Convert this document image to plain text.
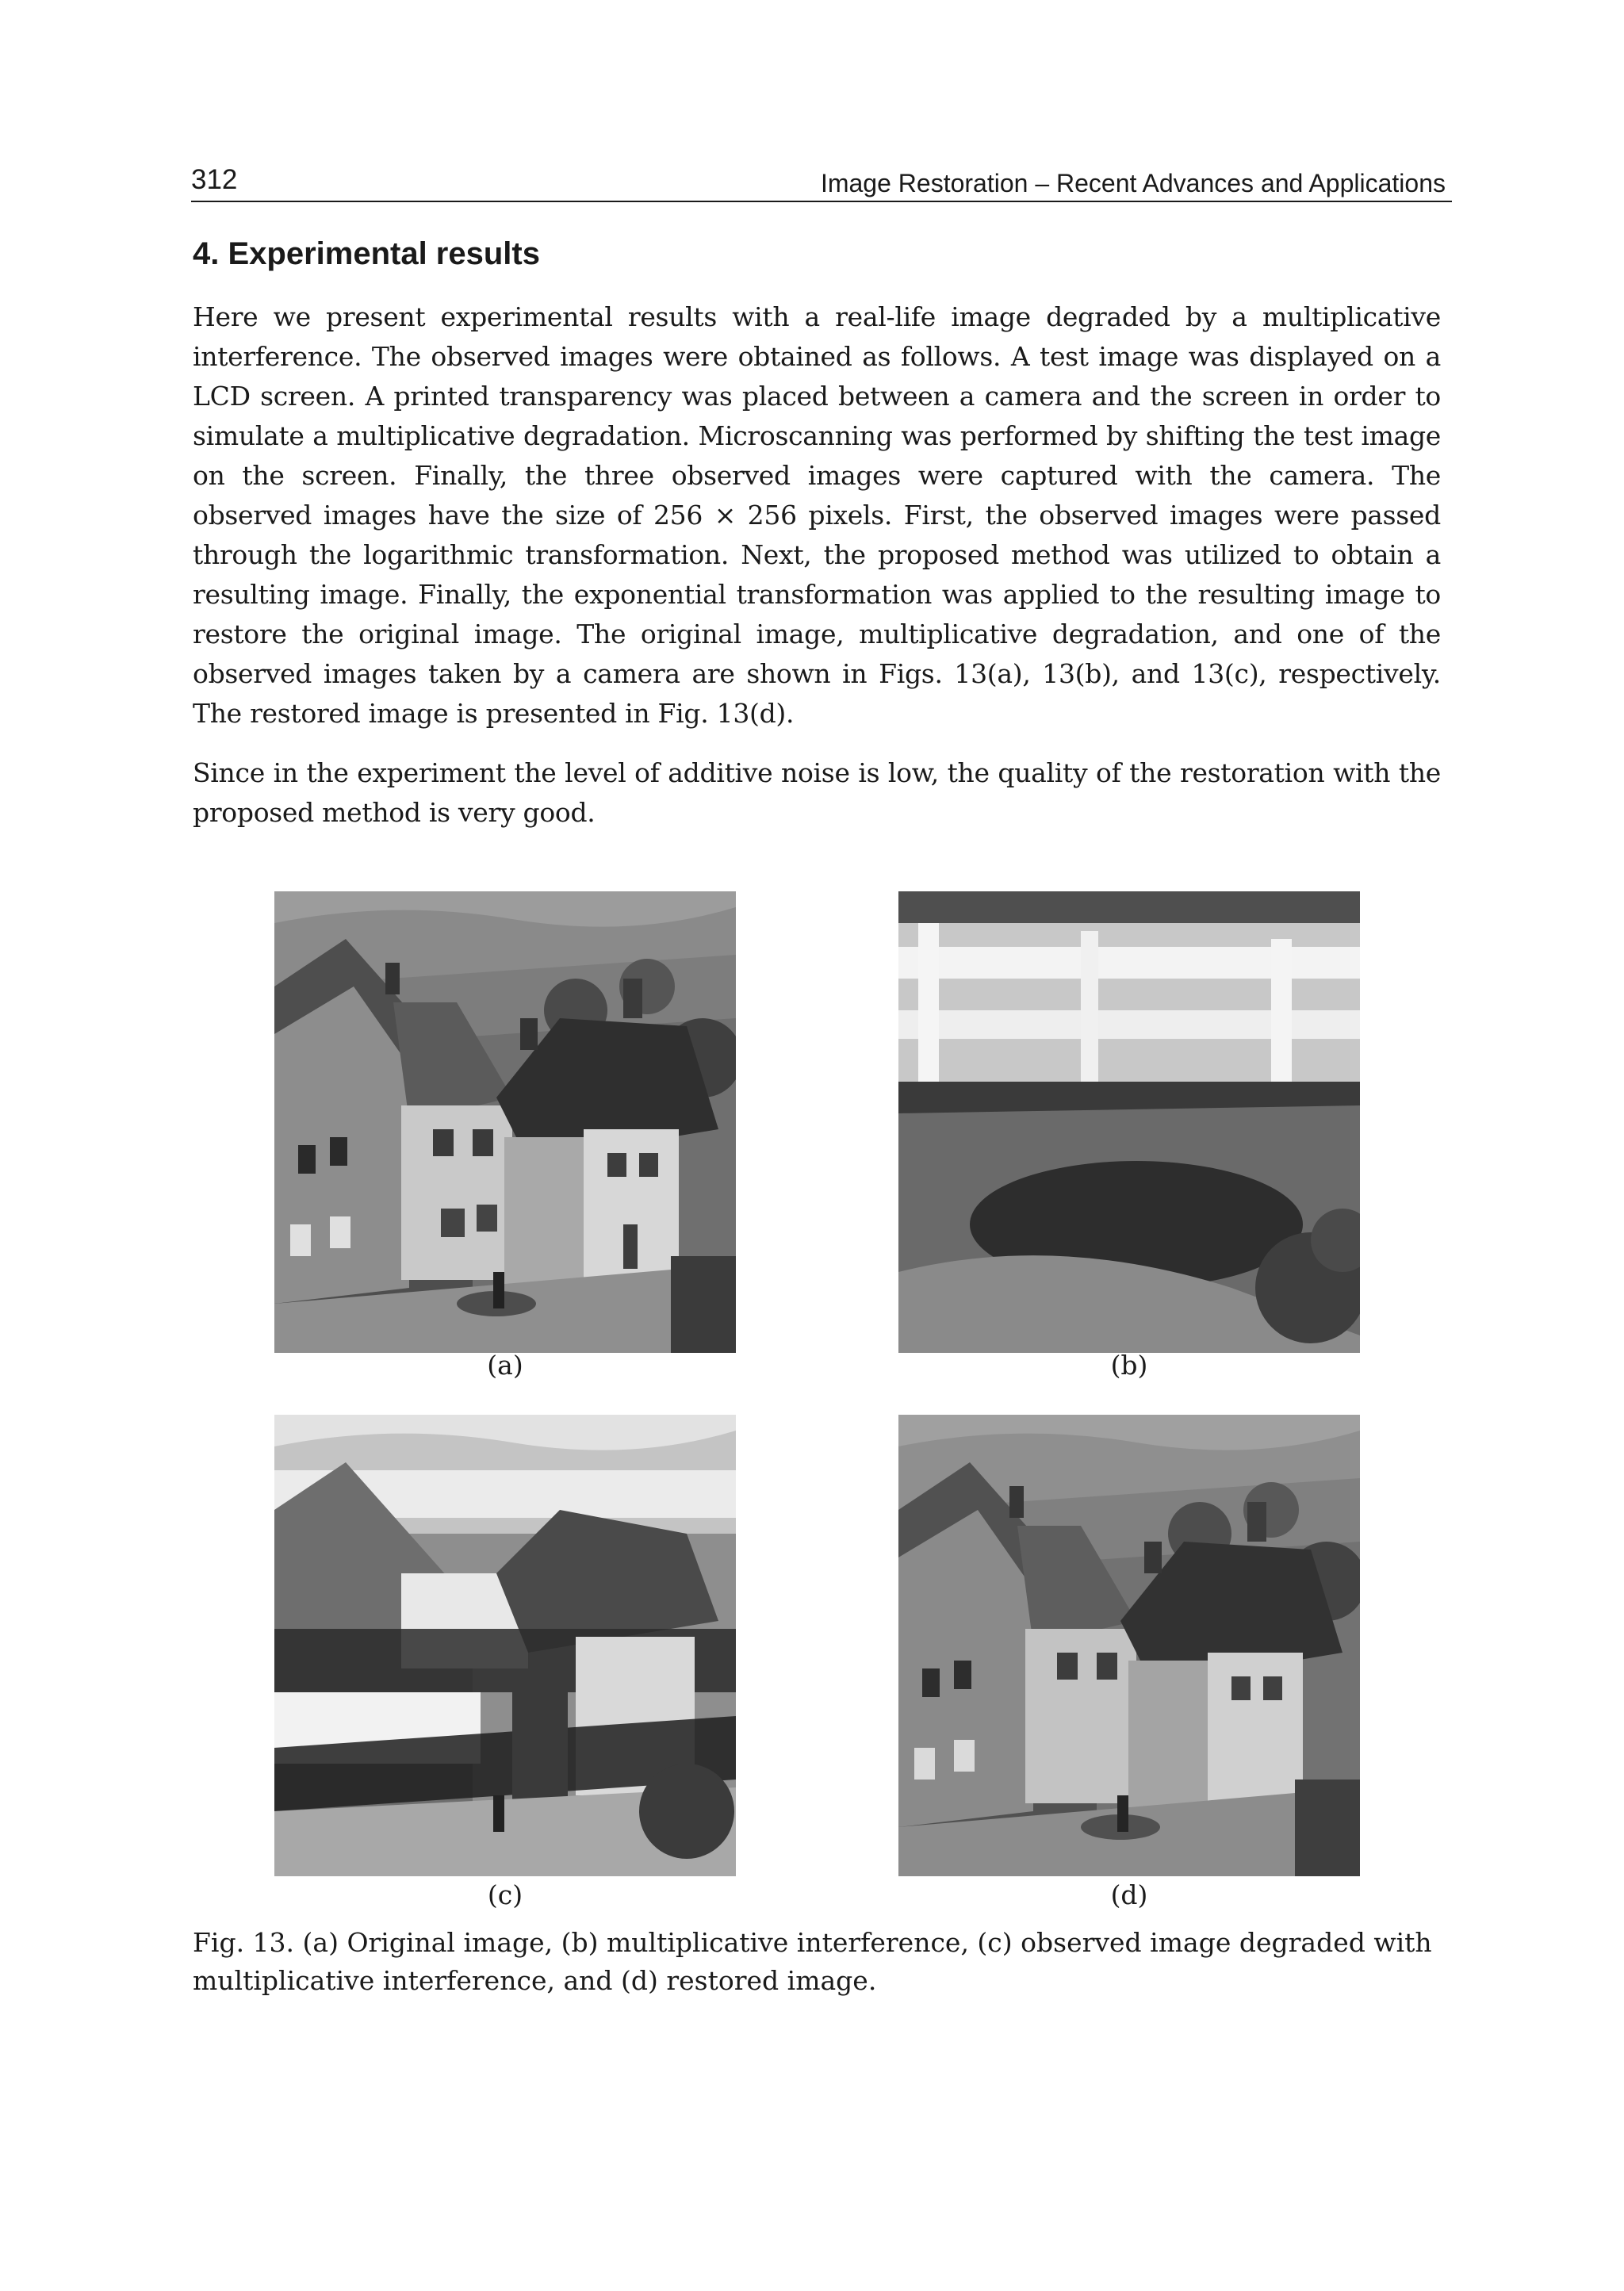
312	Image Restoration – Recent Advances and Applications
4. Experimental results

Here we present experimental results with a real-life image degraded by a multiplicative interference. The observed images were obtained as follows. A test image was displayed on a LCD screen. A printed transparency was placed between a camera and the screen in order to simulate a multiplicative degradation. Microscanning was performed by shifting the test image on the screen. Finally, the three observed images were captured with the camera. The observed images have the size of 256 × 256 pixels. First, the observed images were passed through the logarithmic transformation. Next, the proposed method was utilized to obtain a resulting image. Finally, the exponential transformation was applied to the resulting image to restore the original image. The original image, multiplicative degradation, and one of the observed images taken by a camera are shown in Figs. 13(a), 13(b), and 13(c), respectively. The restored image is presented in Fig. 13(d).

Since in the experiment the level of additive noise is low, the quality of the restoration with the proposed method is very good.

(a)	(b)
(c)	(d)

Fig. 13. (a) Original image, (b) multiplicative interference, (c) observed image degraded with multiplicative interference, and (d) restored image.
